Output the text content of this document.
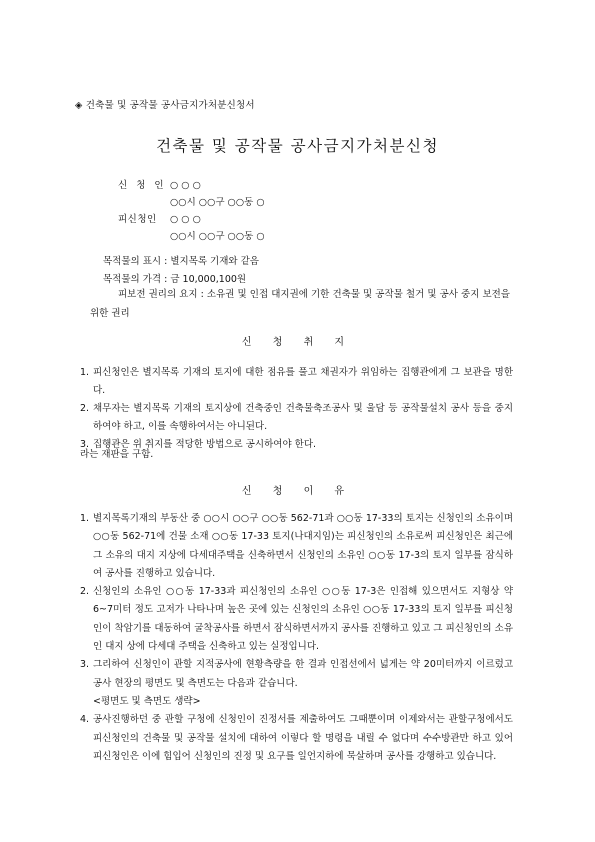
◈ 건축물 및 공작물 공사금지가처분신청서
건축물 및 공작물 공사금지가처분신청
신 청 인 ○ ○ ○
○○시 ○○구 ○○동 ○
피신청인 ○ ○ ○
○○시 ○○구 ○○동 ○
목적물의 표시 : 별지목록 기재와 같음
목적물의 가격 : 금 10,000,100원
피보전 권리의 요지 : 소유권 및 인접 대지권에 기한 건축물 및 공작물 철거 및 공사 중지 보전을 위한 권리
신 청 취 지
1. 피신청인은 별지목록 기재의 토지에 대한 점유를 풀고 채권자가 위임하는 집행관에게 그 보관을 명한다.
2. 채무자는 별지목록 기재의 토지상에 건축중인 건축물축조공사 및 울담 등 공작물설치 공사 등을 중지하여야 하고, 이를 속행하여서는 아니된다.
3. 집행관은 위 취지를 적당한 방법으로 공시하여야 한다.
라는 재판을 구함.
신 청 이 유
1. 별지목록기재의 부동산 중 ○○시 ○○구 ○○동 562-71과 ○○동 17-33의 토지는 신청인의 소유이며 ○○동 562-71에 건물 소재 ○○동 17-33 토지(나대지임)는 피신청인의 소유로써 피신청인은 최근에 그 소유의 대지 지상에 다세대주택을 신축하면서 신청인의 소유인 ○○동 17-3의 토지 일부를 잠식하여 공사를 진행하고 있습니다.
2. 신청인의 소유인 ○○동 17-33과 피신청인의 소유인 ○○동 17-3은 인접해 있으면서도 지형상 약 6~7미터 정도 고저가 나타나며 높은 곳에 있는 신청인의 소유인 ○○동 17-33의 토지 일부를 피신청인이 착암기를 대동하여 굴착공사를 하면서 잠식하면서까지 공사를 진행하고 있고 그 피신청인의 소유인 대지 상에 다세대 주택을 신축하고 있는 실정입니다.
3. 그리하여 신청인이 관할 지적공사에 현황측량을 한 결과 인접선에서 넓게는 약 20미터까지 이르렀고 공사 현장의 평면도 및 측면도는 다음과 같습니다.
<평면도 및 측면도 생략>
4. 공사진행하던 중 관할 구청에 신청인이 진정서를 제출하여도 그때뿐이며 이제와서는 관할구청에서도 피신청인의 건축물 및 공작물 설치에 대하여 이렇다 할 명령을 내릴 수 없다며 수수방관만 하고 있어 피신청인은 이에 힘입어 신청인의 진정 및 요구를 일언지하에 묵살하며 공사를 강행하고 있습니다.
